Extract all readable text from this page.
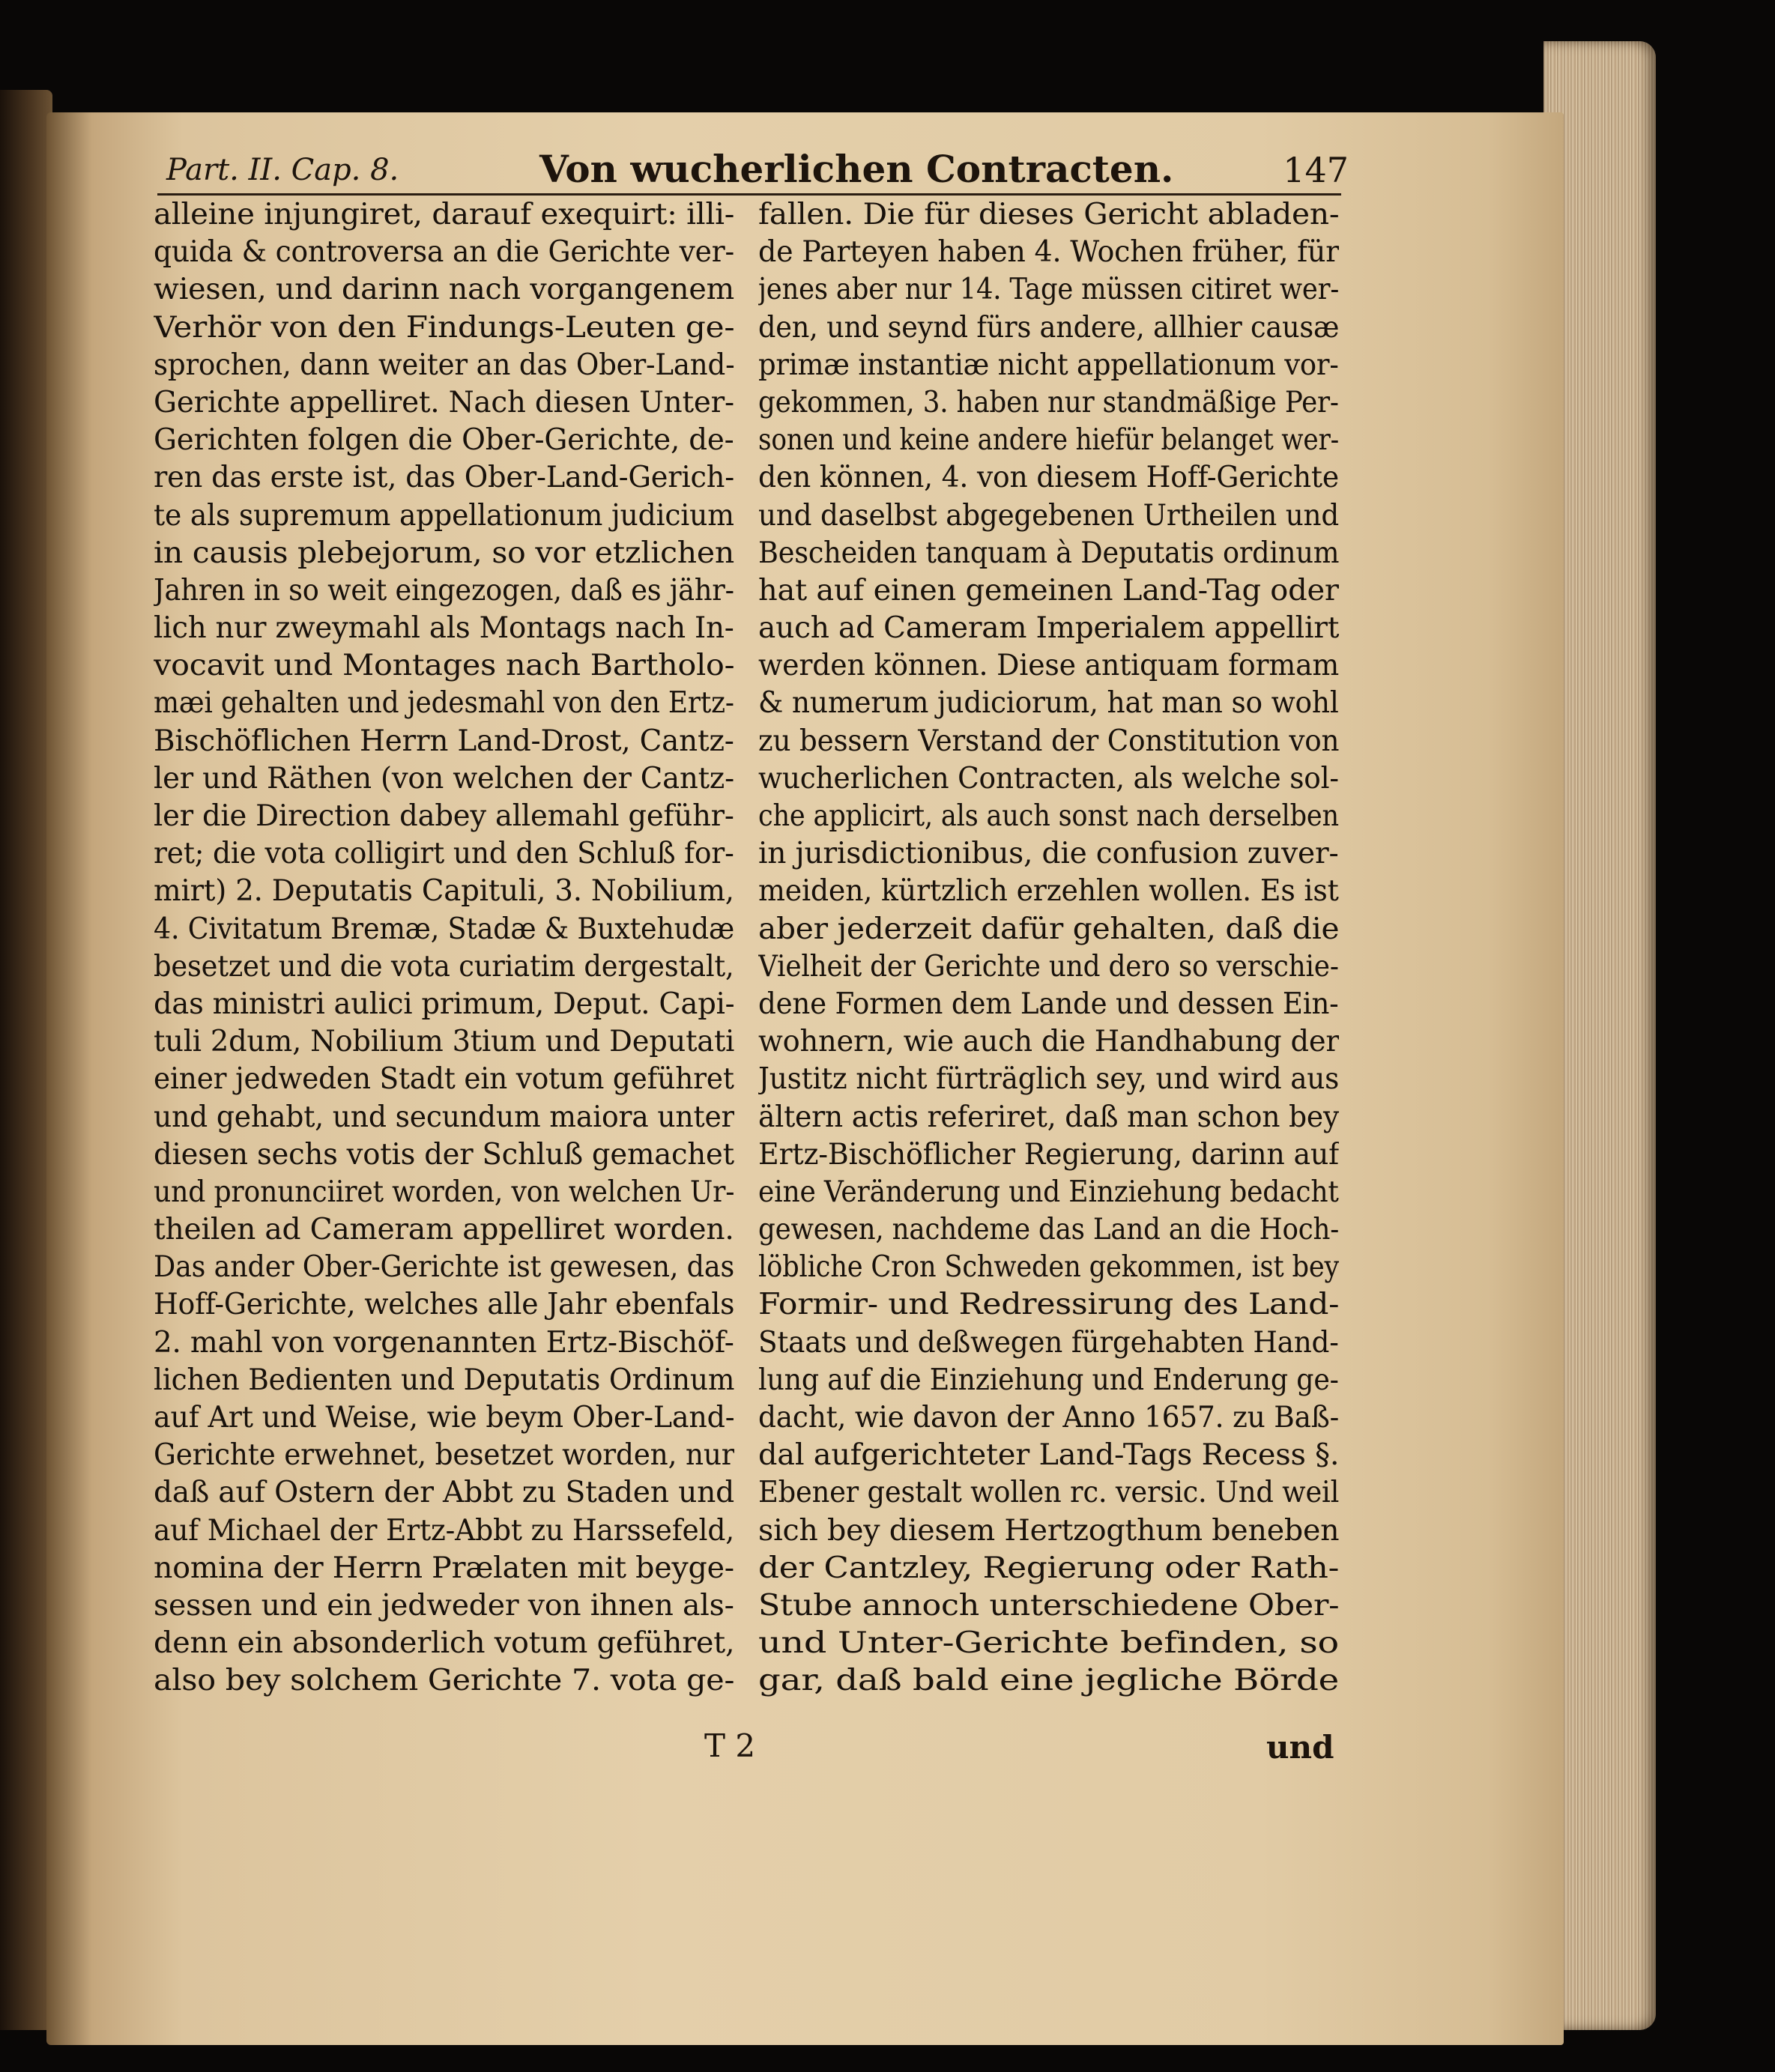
Part. II. Cap. 8.	Von wucherlichen Contracten.	147
alleine injungiret, darauf exequirt: illi-
quida & controversa an die Gerichte ver-
wiesen, und darinn nach vorgangenem
Verhör von den Findungs-Leuten ge-
sprochen, dann weiter an das Ober-Land-
Gerichte appelliret. Nach diesen Unter-
Gerichten folgen die Ober-Gerichte, de-
ren das erste ist, das Ober-Land-Gerich-
te als supremum appellationum judicium
in causis plebejorum, so vor etzlichen
Jahren in so weit eingezogen, daß es jähr-
lich nur zweymahl als Montags nach In-
vocavit und Montages nach Bartholo-
mæi gehalten und jedesmahl von den Ertz-
Bischöflichen Herrn Land-Drost, Cantz-
ler und Räthen (von welchen der Cantz-
ler die Direction dabey allemahl geführ-
ret; die vota colligirt und den Schluß for-
mirt) 2. Deputatis Capituli, 3. Nobilium,
4. Civitatum Bremæ, Stadæ & Buxtehudæ
besetzet und die vota curiatim dergestalt,
das ministri aulici primum, Deput. Capi-
tuli 2dum, Nobilium 3tium und Deputati
einer jedweden Stadt ein votum geführet
und gehabt, und secundum maiora unter
diesen sechs votis der Schluß gemachet
und pronunciiret worden, von welchen Ur-
theilen ad Cameram appelliret worden.
Das ander Ober-Gerichte ist gewesen, das
Hoff-Gerichte, welches alle Jahr ebenfals
2. mahl von vorgenannten Ertz-Bischöf-
lichen Bedienten und Deputatis Ordinum
auf Art und Weise, wie beym Ober-Land-
Gerichte erwehnet, besetzet worden, nur
daß auf Ostern der Abbt zu Staden und
auf Michael der Ertz-Abbt zu Harssefeld,
nomina der Herrn Prælaten mit beyge-
sessen und ein jedweder von ihnen als-
denn ein absonderlich votum geführet,
also bey solchem Gerichte 7. vota ge-
fallen. Die für dieses Gericht abladen-
de Parteyen haben 4. Wochen früher, für
jenes aber nur 14. Tage müssen citiret wer-
den, und seynd fürs andere, allhier causæ
primæ instantiæ nicht appellationum vor-
gekommen, 3. haben nur standmäßige Per-
sonen und keine andere hiefür belanget wer-
den können, 4. von diesem Hoff-Gerichte
und daselbst abgegebenen Urtheilen und
Bescheiden tanquam à Deputatis ordinum
hat auf einen gemeinen Land-Tag oder
auch ad Cameram Imperialem appellirt
werden können. Diese antiquam formam
& numerum judiciorum, hat man so wohl
zu bessern Verstand der Constitution von
wucherlichen Contracten, als welche sol-
che applicirt, als auch sonst nach derselben
in jurisdictionibus, die confusion zuver-
meiden, kürtzlich erzehlen wollen. Es ist
aber jederzeit dafür gehalten, daß die
Vielheit der Gerichte und dero so verschie-
dene Formen dem Lande und dessen Ein-
wohnern, wie auch die Handhabung der
Justitz nicht fürträglich sey, und wird aus
ältern actis referiret, daß man schon bey
Ertz-Bischöflicher Regierung, darinn auf
eine Veränderung und Einziehung bedacht
gewesen, nachdeme das Land an die Hoch-
löbliche Cron Schweden gekommen, ist bey
Formir- und Redressirung des Land-
Staats und deßwegen fürgehabten Hand-
lung auf die Einziehung und Enderung ge-
dacht, wie davon der Anno 1657. zu Baß-
dal aufgerichteter Land-Tags Recess §.
Ebener gestalt wollen rc. versic. Und weil
sich bey diesem Hertzogthum beneben
der Cantzley, Regierung oder Rath-
Stube annoch unterschiedene Ober-
und Unter-Gerichte befinden, so
gar, daß bald eine jegliche Börde
T 2	und
